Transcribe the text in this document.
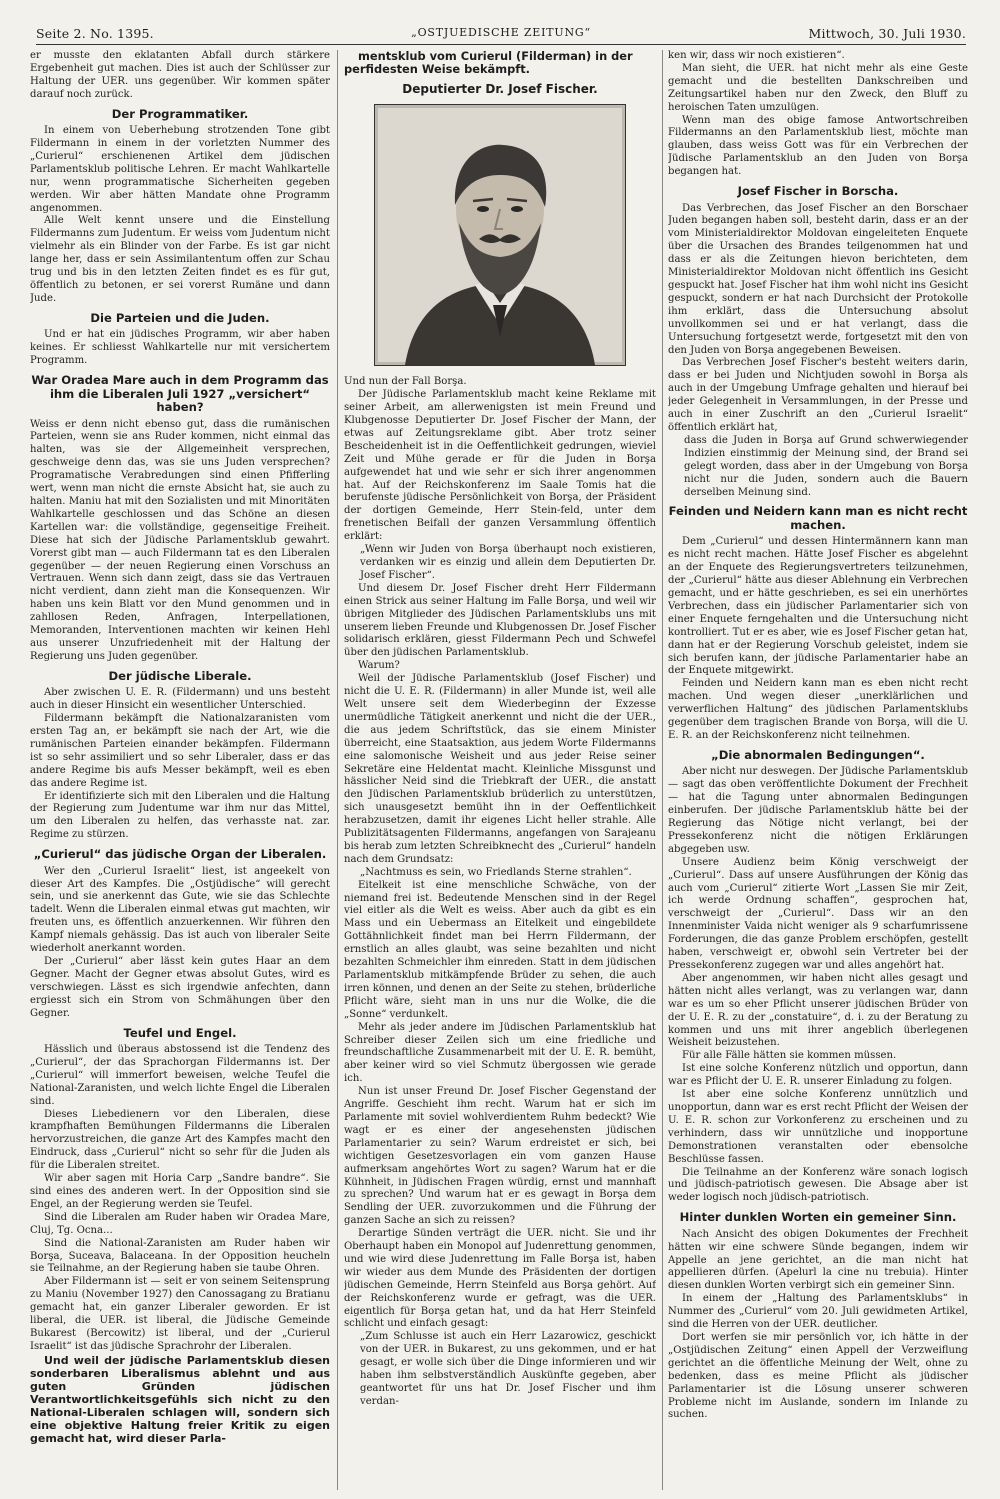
Seite 2. No. 1395.	„OSTJUEDISCHE ZEITUNG“	Mittwoch, 30. Juli 1930.

er musste den eklatanten Abfall durch stärkere Ergebenheit gut machen. Dies ist auch der Schlüsser zur Haltung der UER. uns gegenüber. Wir kommen später darauf noch zurück.

Der Programmatiker.

In einem von Ueberhebung strotzenden Tone gibt Fildermann in einem in der vorletzten Nummer des „Curierul“ erschienenen Artikel dem jüdischen Parlamentsklub politische Lehren. Er macht Wahlkartelle nur, wenn programmatische Sicherheiten gegeben werden. Wir aber hätten Mandate ohne Programm angenommen.

Alle Welt kennt unsere und die Einstellung Fildermanns zum Judentum. Er weiss vom Judentum nicht vielmehr als ein Blinder von der Farbe. Es ist gar nicht lange her, dass er sein Assimilantentum offen zur Schau trug und bis in den letzten Zeiten findet es es für gut, öffentlich zu betonen, er sei vorerst Rumäne und dann Jude.

Die Parteien und die Juden.

Und er hat ein jüdisches Programm, wir aber haben keines. Er schliesst Wahlkartelle nur mit versichertem Programm.

War Oradea Mare auch in dem Programm das ihm die Liberalen Juli 1927 „versichert“ haben?

Weiss er denn nicht ebenso gut, dass die rumänischen Parteien, wenn sie ans Ruder kommen, nicht einmal das halten, was sie der Allgemeinheit versprechen, geschweige denn das, was sie uns Juden versprechen? Programatische Verabredungen sind einen Pfifferling wert, wenn man nicht die ernste Absicht hat, sie auch zu halten. Maniu hat mit den Sozialisten und mit Minoritäten Wahlkartelle geschlossen und das Schöne an diesen Kartellen war: die vollständige, gegenseitige Freiheit. Diese hat sich der Jüdische Parlamentsklub gewahrt. Vorerst gibt man — auch Fildermann tat es den Liberalen gegenüber — der neuen Regierung einen Vorschuss an Vertrauen. Wenn sich dann zeigt, dass sie das Vertrauen nicht verdient, dann zieht man die Konsequenzen. Wir haben uns kein Blatt vor den Mund genommen und in zahllosen Reden, Anfragen, Interpellationen, Memoranden, Interventionen machten wir keinen Hehl aus unserer Unzufriedenheit mit der Haltung der Regierung uns Juden gegenüber.

Der jüdische Liberale.

Aber zwischen U. E. R. (Fildermann) und uns besteht auch in dieser Hinsicht ein wesentlicher Unterschied.

Fildermann bekämpft die Nationalzaranisten vom ersten Tag an, er bekämpft sie nach der Art, wie die rumänischen Parteien einander bekämpfen. Fildermann ist so sehr assimiliert und so sehr Liberaler, dass er das andere Regime bis aufs Messer bekämpft, weil es eben das andere Regime ist.

Er identifizierte sich mit den Liberalen und die Haltung der Regierung zum Judentume war ihm nur das Mittel, um den Liberalen zu helfen, das verhasste nat. zar. Regime zu stürzen.

„Curierul“ das jüdische Organ der Liberalen.

Wer den „Curierul Israelit“ liest, ist angeekelt von dieser Art des Kampfes. Die „Ostjüdische“ will gerecht sein, und sie anerkennt das Gute, wie sie das Schlechte tadelt. Wenn die Liberalen einmal etwas gut machten, wir freuten uns, es öffentlich anzuerkennen. Wir führen den Kampf niemals gehässig. Das ist auch von liberaler Seite wiederholt anerkannt worden.

Der „Curierul“ aber lässt kein gutes Haar an dem Gegner. Macht der Gegner etwas absolut Gutes, wird es verschwiegen. Lässt es sich irgendwie anfechten, dann ergiesst sich ein Strom von Schmähungen über den Gegner.

Teufel und Engel.

Hässlich und überaus abstossend ist die Tendenz des „Curierul“, der das Sprachorgan Fildermanns ist. Der „Curierul“ will immerfort beweisen, welche Teufel die National-Zaranisten, und welch lichte Engel die Liberalen sind.

Dieses Liebedienern vor den Liberalen, diese krampfhaften Bemühungen Fildermanns die Liberalen hervorzustreichen, die ganze Art des Kampfes macht den Eindruck, dass „Curierul“ nicht so sehr für die Juden als für die Liberalen streitet.

Wir aber sagen mit Horia Carp „Sandre bandre“. Sie sind eines des anderen wert. In der Opposition sind sie Engel, an der Regierung werden sie Teufel.

Sind die Liberalen am Ruder haben wir Oradea Mare, Cluj, Tg. Ocna...

Sind die National-Zaranisten am Ruder haben wir Borşa, Suceava, Balaceana. In der Opposition heucheln sie Teilnahme, an der Regierung haben sie taube Ohren.

Aber Fildermann ist — seit er von seinem Seitensprung zu Maniu (November 1927) den Canossagang zu Bratianu gemacht hat, ein ganzer Liberaler geworden. Er ist liberal, die UER. ist liberal, die Jüdische Gemeinde Bukarest (Bercowitz) ist liberal, und der „Curierul Israelit“ ist das jüdische Sprachrohr der Liberalen.

Und weil der jüdische Parlamentsklub diesen sonderbaren Liberalismus ablehnt und aus guten Gründen jüdischen Verantwortlichkeitsgefühls sich nicht zu den National-Liberalen schlagen will, sondern sich eine objektive Haltung freier Kritik zu eigen gemacht hat, wird dieser Parla-

mentsklub vom Curierul (Filderman) in der perfidesten Weise bekämpft.

Deputierter Dr. Josef Fischer.

Und nun der Fall Borşa.

Der Jüdische Parlamentsklub macht keine Reklame mit seiner Arbeit, am allerwenigsten ist mein Freund und Klubgenosse Deputierter Dr. Josef Fischer der Mann, der etwas auf Zeitungsreklame gibt. Aber trotz seiner Bescheidenheit ist in die Oeffentlichkeit gedrungen, wieviel Zeit und Mühe gerade er für die Juden in Borşa aufgewendet hat und wie sehr er sich ihrer angenommen hat. Auf der Reichskonferenz im Saale Tomis hat die berufenste jüdische Persönlichkeit von Borşa, der Präsident der dortigen Gemeinde, Herr Stein-feld, unter dem frenetischen Beifall der ganzen Versammlung öffentlich erklärt:

„Wenn wir Juden von Borşa überhaupt noch existieren, verdanken wir es einzig und allein dem Deputierten Dr. Josef Fischer“.

Und diesem Dr. Josef Fischer dreht Herr Fildermann einen Strick aus seiner Haltung im Falle Borşa, und weil wir übrigen Mitglieder des Jüdischen Parlamentsklubs uns mit unserem lieben Freunde und Klubgenossen Dr. Josef Fischer solidarisch erklären, giesst Fildermann Pech und Schwefel über den jüdischen Parlamentsklub.

Warum?

Weil der Jüdische Parlamentsklub (Josef Fischer) und nicht die U. E. R. (Fildermann) in aller Munde ist, weil alle Welt unsere seit dem Wiederbeginn der Exzesse unermüdliche Tätigkeit anerkennt und nicht die der UER., die aus jedem Schriftstück, das sie einem Minister überreicht, eine Staatsaktion, aus jedem Worte Fildermanns eine salomonische Weisheit und aus jeder Reise seiner Sekretäre eine Heldentat macht. Kleinliche Missgunst und hässlicher Neid sind die Triebkraft der UER., die anstatt den Jüdischen Parlamentsklub brüderlich zu unterstützen, sich unausgesetzt bemüht ihn in der Oeffentlichkeit herabzusetzen, damit ihr eigenes Licht heller strahle. Alle Publizitätsagenten Fildermanns, angefangen von Sarajeanu bis herab zum letzten Schreibknecht des „Curierul“ handeln nach dem Grundsatz:

„Nachtmuss es sein, wo Friedlands Sterne strahlen“.

Eitelkeit ist eine menschliche Schwäche, von der niemand frei ist. Bedeutende Menschen sind in der Regel viel eitler als die Welt es weiss. Aber auch da gibt es ein Mass und ein Uebermass an Eitelkeit und eingebildete Gottähnlichkeit findet man bei Herrn Fildermann, der ernstlich an alles glaubt, was seine bezahlten und nicht bezahlten Schmeichler ihm einreden. Statt in dem jüdischen Parlamentsklub mitkämpfende Brüder zu sehen, die auch irren können, und denen an der Seite zu stehen, brüderliche Pflicht wäre, sieht man in uns nur die Wolke, die die „Sonne“ verdunkelt.

Mehr als jeder andere im Jüdischen Parlamentsklub hat Schreiber dieser Zeilen sich um eine friedliche und freundschaftliche Zusammenarbeit mit der U. E. R. bemüht, aber keiner wird so viel Schmutz übergossen wie gerade ich.

Nun ist unser Freund Dr. Josef Fischer Gegenstand der Angriffe. Geschieht ihm recht. Warum hat er sich im Parlamente mit soviel wohlverdientem Ruhm bedeckt? Wie wagt er es einer der angesehensten jüdischen Parlamentarier zu sein? Warum erdreistet er sich, bei wichtigen Gesetzesvorlagen ein vom ganzen Hause aufmerksam angehörtes Wort zu sagen? Warum hat er die Kühnheit, in Jüdischen Fragen würdig, ernst und mannhaft zu sprechen? Und warum hat er es gewagt in Borşa dem Sendling der UER. zuvorzukommen und die Führung der ganzen Sache an sich zu reissen?

Derartige Sünden verträgt die UER. nicht. Sie und ihr Oberhaupt haben ein Monopol auf Judenrettung genommen, und wie wird diese Judenrettung im Falle Borşa ist, haben wir wieder aus dem Munde des Präsidenten der dortigen jüdischen Gemeinde, Herrn Steinfeld aus Borşa gehört. Auf der Reichskonferenz wurde er gefragt, was die UER. eigentlich für Borşa getan hat, und da hat Herr Steinfeld schlicht und einfach gesagt:

„Zum Schlusse ist auch ein Herr Lazarowicz, geschickt von der UER. in Bukarest, zu uns gekommen, und er hat gesagt, er wolle sich über die Dinge informieren und wir haben ihm selbstverständlich Auskünfte gegeben, aber geantwortet für uns hat Dr. Josef Fischer und ihm verdan-

ken wir, dass wir noch existieren“.

Man sieht, die UER. hat nicht mehr als eine Geste gemacht und die bestellten Dankschreiben und Zeitungsartikel haben nur den Zweck, den Bluff zu heroischen Taten umzulügen.

Wenn man des obige famose Antwortschreiben Fildermanns an den Parlamentsklub liest, möchte man glauben, dass weiss Gott was für ein Verbrechen der Jüdische Parlamentsklub an den Juden von Borşa begangen hat.

Josef Fischer in Borscha.

Das Verbrechen, das Josef Fischer an den Borschaer Juden begangen haben soll, besteht darin, dass er an der vom Ministerialdirektor Moldovan eingeleiteten Enquete über die Ursachen des Brandes teilgenommen hat und dass er als die Zeitungen hievon berichteten, dem Ministerialdirektor Moldovan nicht öffentlich ins Gesicht gespuckt hat. Josef Fischer hat ihm wohl nicht ins Gesicht gespuckt, sondern er hat nach Durchsicht der Protokolle ihm erklärt, dass die Untersuchung absolut unvollkommen sei und er hat verlangt, dass die Untersuchung fortgesetzt werde, fortgesetzt mit den von den Juden von Borşa angegebenen Beweisen.

Das Verbrechen Josef Fischer's besteht weiters darin, dass er bei Juden und Nichtjuden sowohl in Borşa als auch in der Umgebung Umfrage gehalten und hierauf bei jeder Gelegenheit in Versammlungen, in der Presse und auch in einer Zuschrift an den „Curierul Israelit“ öffentlich erklärt hat,

dass die Juden in Borşa auf Grund schwerwiegender Indizien einstimmig der Meinung sind, der Brand sei gelegt worden, dass aber in der Umgebung von Borşa nicht nur die Juden, sondern auch die Bauern derselben Meinung sind.

Feinden und Neidern kann man es nicht recht machen.

Dem „Curierul“ und dessen Hintermännern kann man es nicht recht machen. Hätte Josef Fischer es abgelehnt an der Enquete des Regierungsvertreters teilzunehmen, der „Curierul“ hätte aus dieser Ablehnung ein Verbrechen gemacht, und er hätte geschrieben, es sei ein unerhörtes Verbrechen, dass ein jüdischer Parlamentarier sich von einer Enquete ferngehalten und die Untersuchung nicht kontrolliert. Tut er es aber, wie es Josef Fischer getan hat, dann hat er der Regierung Vorschub geleistet, indem sie sich berufen kann, der jüdische Parlamentarier habe an der Enquete mitgewirkt.

Feinden und Neidern kann man es eben nicht recht machen. Und wegen dieser „unerklärlichen und verwerflichen Haltung“ des jüdischen Parlamentsklubs gegenüber dem tragischen Brande von Borşa, will die U. E. R. an der Reichskonferenz nicht teilnehmen.

„Die abnormalen Bedingungen“.

Aber nicht nur deswegen. Der Jüdische Parlamentsklub — sagt das oben veröffentlichte Dokument der Frechheit — hat die Tagung unter abnormalen Bedingungen einberufen. Der jüdische Parlamentsklub hätte bei der Regierung das Nötige nicht verlangt, bei der Pressekonferenz nicht die nötigen Erklärungen abgegeben usw.

Unsere Audienz beim König verschweigt der „Curierul“. Dass auf unsere Ausführungen der König das auch vom „Curierul“ zitierte Wort „Lassen Sie mir Zeit, ich werde Ordnung schaffen“, gesprochen hat, verschweigt der „Curierul“. Dass wir an den Innenminister Vaida nicht weniger als 9 scharfumrissene Forderungen, die das ganze Problem erschöpfen, gestellt haben, verschweigt er, obwohl sein Vertreter bei der Pressekonferenz zugegen war und alles angehört hat.

Aber angenommen, wir haben nicht alles gesagt und hätten nicht alles verlangt, was zu verlangen war, dann war es um so eher Pflicht unserer jüdischen Brüder von der U. E. R. zu der „constatuire“, d. i. zu der Beratung zu kommen und uns mit ihrer angeblich überlegenen Weisheit beizustehen.

Für alle Fälle hätten sie kommen müssen.

Ist eine solche Konferenz nützlich und opportun, dann war es Pflicht der U. E. R. unserer Einladung zu folgen.

Ist aber eine solche Konferenz unnützlich und unopportun, dann war es erst recht Pflicht der Weisen der U. E. R. schon zur Vorkonferenz zu erscheinen und zu verhindern, dass wir unnützliche und inopportune Demonstrationen veranstalten oder ebensolche Beschlüsse fassen.

Die Teilnahme an der Konferenz wäre sonach logisch und jüdisch-patriotisch gewesen. Die Absage aber ist weder logisch noch jüdisch-patriotisch.

Hinter dunklen Worten ein gemeiner Sinn.

Nach Ansicht des obigen Dokumentes der Frechheit hätten wir eine schwere Sünde begangen, indem wir Appelle an jene gerichtet, an die man nicht hat appellieren dürfen. (Apelurl la cine nu trebuia). Hinter diesen dunklen Worten verbirgt sich ein gemeiner Sinn.

In einem der „Haltung des Parlamentsklubs“ in Nummer des „Curierul“ vom 20. Juli gewidmeten Artikel, sind die Herren von der UER. deutlicher.

Dort werfen sie mir persönlich vor, ich hätte in der „Ostjüdischen Zeitung“ einen Appell der Verzweiflung gerichtet an die öffentliche Meinung der Welt, ohne zu bedenken, dass es meine Pflicht als jüdischer Parlamentarier ist die Lösung unserer schweren Probleme nicht im Auslande, sondern im Inlande zu suchen.
